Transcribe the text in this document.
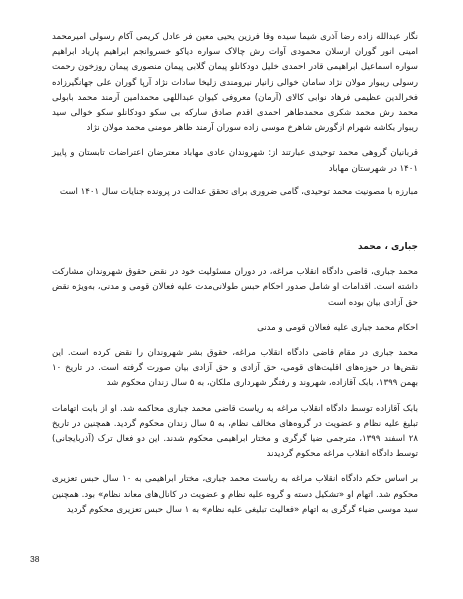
نگار عبدالله زاده رضا آذری شیما سیده وفا فرزین یحیی معین فر عادل کریمی آکام رسولی امیرمحمد امینی انور گوران ارسلان محمودی آوات رش چالاک سواره دیاکو خسروانجم ابراهیم پاریاد ابراهیم سواره اسماعیل ابراهیمی قادر احمدی خلیل دودکانلو پیمان گلابی پیمان منصوری پیمان روزخون رحمت رسولی ریبوار مولان نژاد سامان خوالی زانیار نیرومندی زلیخا سادات نژاد آرپا گوران علی جهانگیرزاده فخرالدین عظیمی فرهاد نوابی کالای (آرمان) معروفی کیوان عبداللهی محمدامین آرمند محمد بابولی محمد رش محمد شکری محمدطاهر احمدی اقدم صادق سارکه بی سکو دودکانلو سکو خوالی سید ریبوار بکاشه شهرام ازگورش شاهرخ موسی زاده سوران آرمند ظاهر مومنی محمد مولان نژاد

قربانیان گروهی محمد توحیدی عبارتند از: شهروندان عادی مهاباد معترضان اعتراضات تابستان و پاییز ۱۴۰۱ در شهرستان مهاباد

مبارزه با مصونیت محمد توحیدی، گامی ضروری برای تحقق عدالت در پرونده جنایات سال ۱۴۰۱ است

جباری ، محمد

محمد جباری، قاضی دادگاه انقلاب مراغه، در دوران مسئولیت خود در نقض حقوق شهروندان مشارکت داشته است. اقدامات او شامل صدور احکام حبس طولانی‌مدت علیه فعالان قومی و مدنی، به‌ویژه نقض حق آزادی بیان بوده است

احکام محمد جباری علیه فعالان قومی و مدنی

محمد جباری در مقام قاضی دادگاه انقلاب مراغه، حقوق بشر شهروندان را نقض کرده است. این نقض‌ها در حوزه‌های اقلیت‌های قومی، حق آزادی و حق آزادی بیان صورت گرفته است. در تاریخ ۱۰ بهمن ۱۳۹۹، بابک آقازاده، شهروند و رفتگر شهرداری ملکان، به ۵ سال زندان محکوم شد

بابک آقازاده توسط دادگاه انقلاب مراغه به ریاست قاضی محمد جباری محاکمه شد. او از بابت اتهامات تبلیغ علیه نظام و عضویت در گروه‌های مخالف نظام، به ۵ سال زندان محکوم گردید. همچنین در تاریخ ۲۸ اسفند ۱۳۹۹، مترجمی ضیا گرگری و مختار ابراهیمی محکوم شدند. این دو فعال ترک (آذربایجانی) توسط دادگاه انقلاب مراغه محکوم گردیدند

بر اساس حکم دادگاه انقلاب مراغه به ریاست محمد جباری، مختار ابراهیمی به ۱۰ سال حبس تعزیری محکوم شد. اتهام او «تشکیل دسته و گروه علیه نظام و عضویت در کانال‌های معاند نظام» بود. همچنین سید موسی ضیاء گرگری به اتهام «فعالیت تبلیغی علیه نظام» به ۱ سال حبس تعزیری محکوم گردید

38
